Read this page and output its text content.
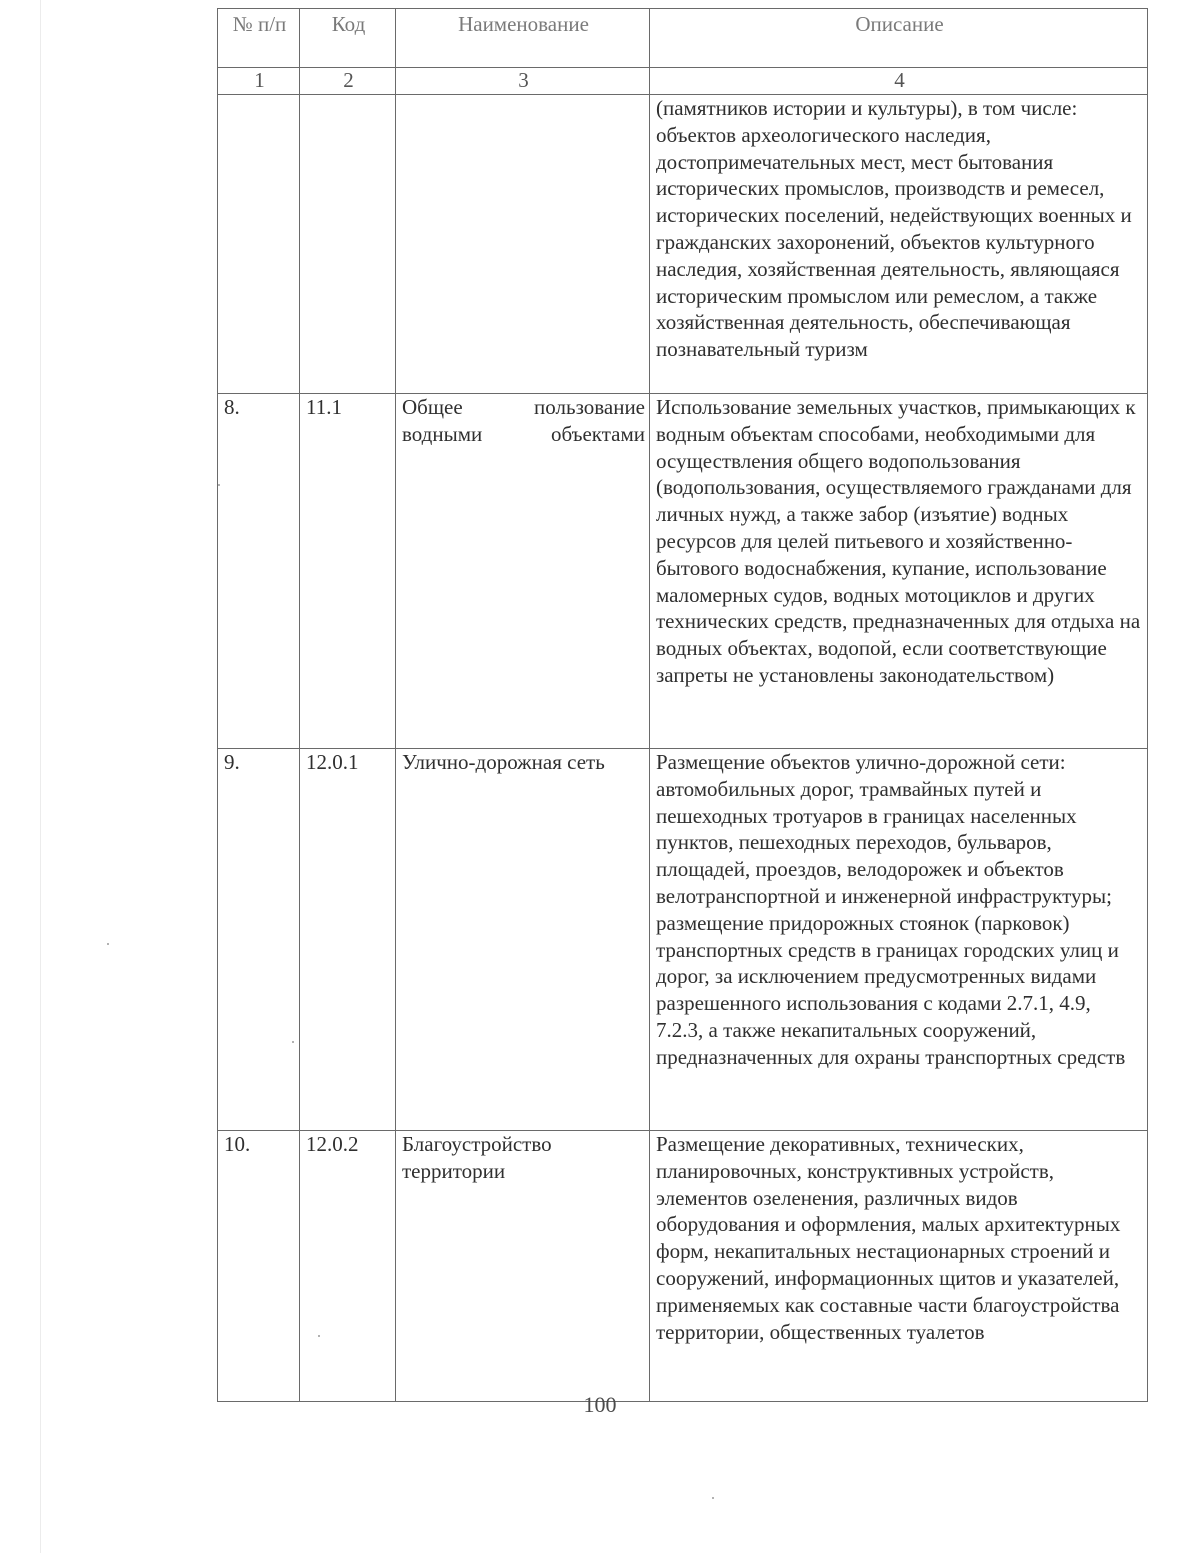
№ п/п	Код	Наименование	Описание
1	2	3	4
			(памятников истории и культуры), в том числе: объектов археологического наследия, достопримечательных мест, мест бытования исторических промыслов, производств и ремесел, исторических поселений, недействующих военных и гражданских захоронений, объектов культурного наследия, хозяйственная деятельность, являющаяся историческим промыслом или ремеслом, а также хозяйственная деятельность, обеспечивающая познавательный туризм
8.	11.1	Общее пользование водными объектами	Использование земельных участков, примыкающих к водным объектам способами, необходимыми для осуществления общего водопользования (водопользования, осуществляемого гражданами для личных нужд, а также забор (изъятие) водных ресурсов для целей питьевого и хозяйственно-бытового водоснабжения, купание, использование маломерных судов, водных мотоциклов и других технических средств, предназначенных для отдыха на водных объектах, водопой, если соответствующие запреты не установлены законодательством)
9.	12.0.1	Улично-дорожная сеть	Размещение объектов улично-дорожной сети: автомобильных дорог, трамвайных путей и пешеходных тротуаров в границах населенных пунктов, пешеходных переходов, бульваров, площадей, проездов, велодорожек и объектов велотранспортной и инженерной инфраструктуры; размещение придорожных стоянок (парковок) транспортных средств в границах городских улиц и дорог, за исключением предусмотренных видами разрешенного использования с кодами 2.7.1, 4.9, 7.2.3, а также некапитальных сооружений, предназначенных для охраны транспортных средств
10.	12.0.2	Благоустройство территории	Размещение декоративных, технических, планировочных, конструктивных устройств, элементов озеленения, различных видов оборудования и оформления, малых архитектурных форм, некапитальных нестационарных строений и сооружений, информационных щитов и указателей, применяемых как составные части благоустройства территории, общественных туалетов
100
